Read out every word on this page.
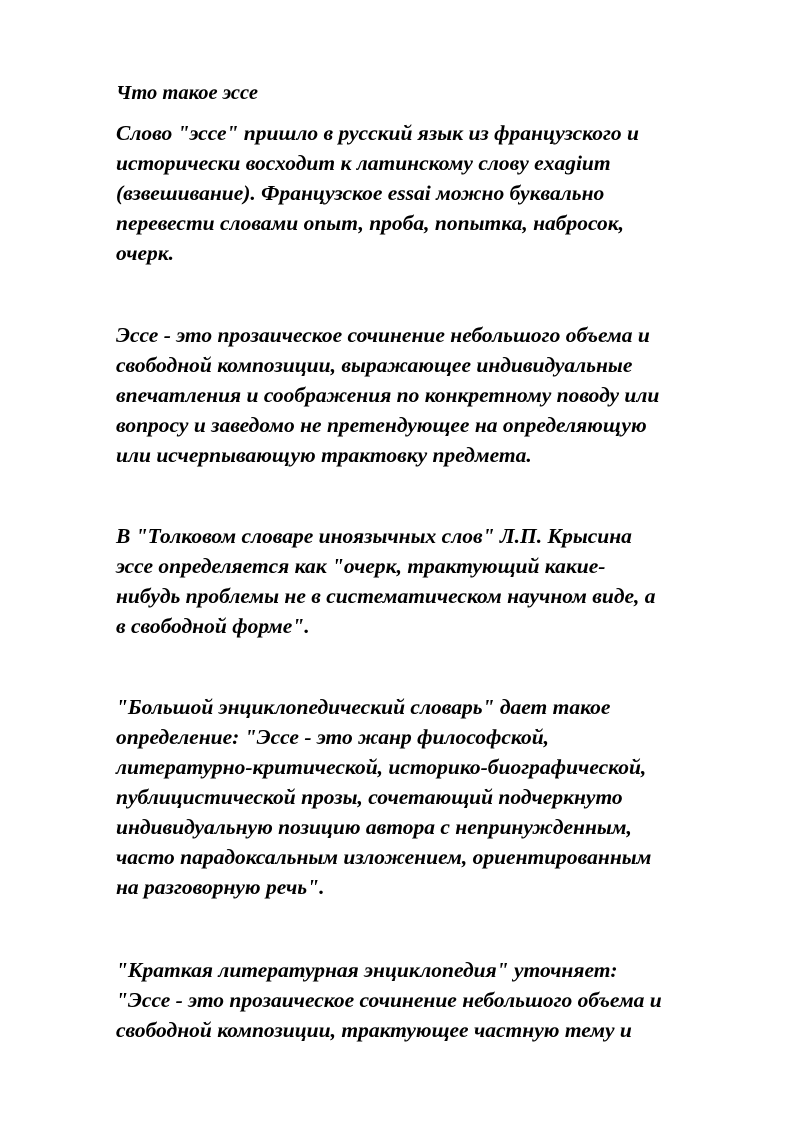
Что такое эссе

Слово "эссе" пришло в русский язык из французского и
исторически восходит к латинскому слову exagium
(взвешивание). Французское essai можно буквально
перевести словами опыт, проба, попытка, набросок,
очерк.

Эссе - это прозаическое сочинение небольшого объема и
свободной композиции, выражающее индивидуальные
впечатления и соображения по конкретному поводу или
вопросу и заведомо не претендующее на определяющую
или исчерпывающую трактовку предмета.

В "Толковом словаре иноязычных слов" Л.П. Крысина
эссе определяется как "очерк, трактующий какие-
нибудь проблемы не в систематическом научном виде, а
в свободной форме".

"Большой энциклопедический словарь" дает такое
определение: "Эссе - это жанр философской,
литературно-критической, историко-биографической,
публицистической прозы, сочетающий подчеркнуто
индивидуальную позицию автора с непринужденным,
часто парадоксальным изложением, ориентированным
на разговорную речь".

"Краткая литературная энциклопедия" уточняет:
"Эссе - это прозаическое сочинение небольшого объема и
свободной композиции, трактующее частную тему и
